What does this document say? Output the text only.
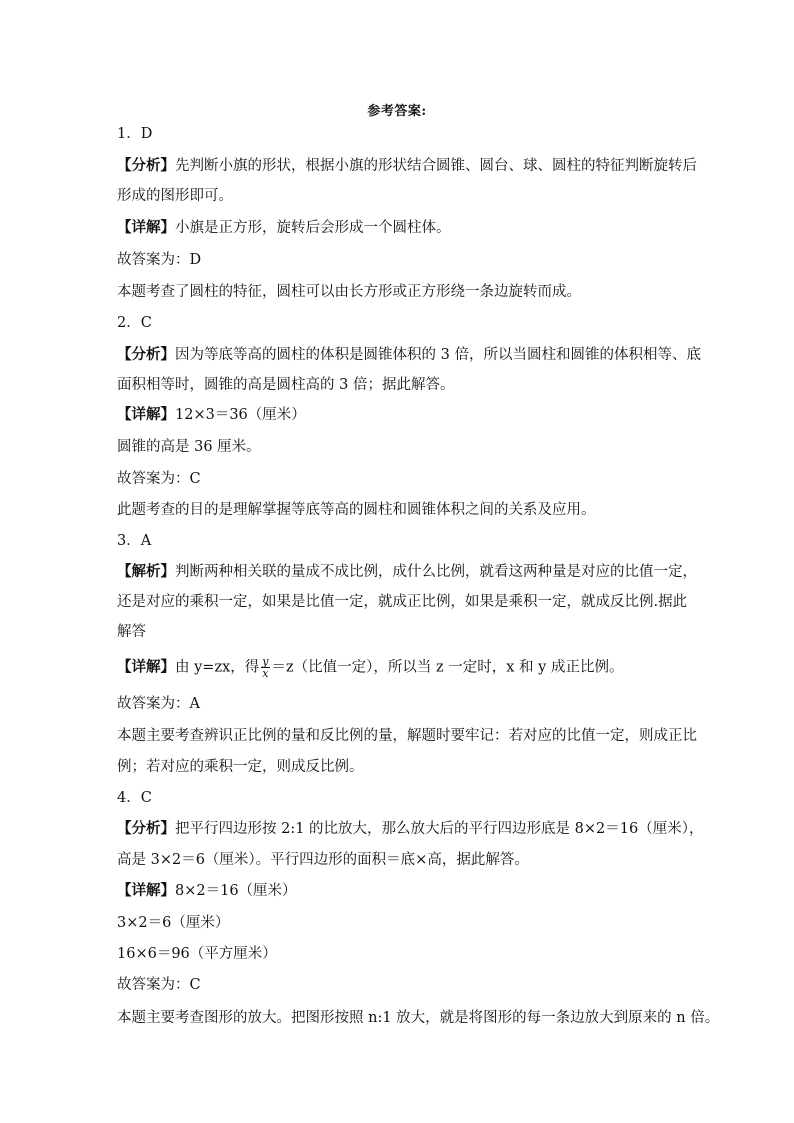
参考答案:
1．D
【分析】先判断小旗的形状，根据小旗的形状结合圆锥、圆台、球、圆柱的特征判断旋转后
形成的图形即可。
【详解】小旗是正方形，旋转后会形成一个圆柱体。
故答案为：D
本题考查了圆柱的特征，圆柱可以由长方形或正方形绕一条边旋转而成。
2．C
【分析】因为等底等高的圆柱的体积是圆锥体积的 3 倍，所以当圆柱和圆锥的体积相等、底
面积相等时，圆锥的高是圆柱高的 3 倍；据此解答。
【详解】12×3＝36（厘米）
圆锥的高是 36 厘米。
故答案为：C
此题考查的目的是理解掌握等底等高的圆柱和圆锥体积之间的关系及应用。
3．A
【解析】判断两种相关联的量成不成比例，成什么比例，就看这两种量是对应的比值一定，
还是对应的乘积一定，如果是比值一定，就成正比例，如果是乘积一定，就成反比例.据此
解答
【详解】由 y=zx，得 $\frac{y}{x} =z$（比值一定），所以当 z 一定时，x 和 y 成正比例。
故答案为：A
本题主要考查辨识正比例的量和反比例的量，解题时要牢记：若对应的比值一定，则成正比
例；若对应的乘积一定，则成反比例。
4．C
【分析】把平行四边形按 2:1 的比放大，那么放大后的平行四边形底是 8×2＝16（厘米），
高是 3×2＝6（厘米）。平行四边形的面积＝底×高，据此解答。
【详解】8×2＝16（厘米）
3×2＝6（厘米）
16×6＝96（平方厘米）
故答案为：C
本题主要考查图形的放大。把图形按照 n:1 放大，就是将图形的每一条边放大到原来的 n 倍。
